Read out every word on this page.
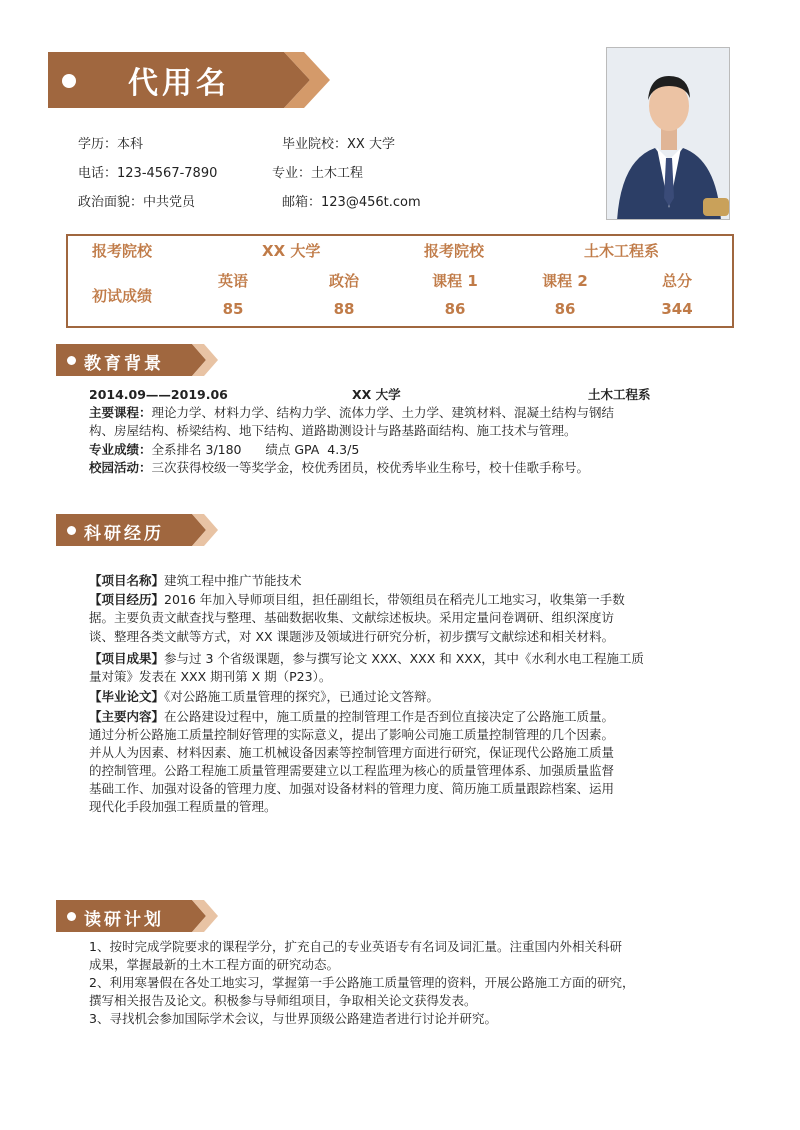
代用名
学历：本科	毕业院校：XX 大学
电话：123-4567-7890	专业：土木工程
政治面貌：中共党员	邮箱：123@456t.com
报考院校	XX 大学	报考院校	土木工程系
初试成绩
英语	政治	课程 1	课程 2	总分
85	88	86	86	344
教育背景
2014.09——2019.06	XX 大学	土木工程系
主要课程：理论力学、材料力学、结构力学、流体力学、土力学、建筑材料、混凝土结构与钢结
构、房屋结构、桥梁结构、地下结构、道路勘测设计与路基路面结构、施工技术与管理。
专业成绩：全系排名 3/180      绩点 GPA  4.3/5
校园活动：三次获得校级一等奖学金，校优秀团员，校优秀毕业生称号，校十佳歌手称号。
科研经历
【项目名称】建筑工程中推广节能技术
【项目经历】2016 年加入导师项目组，担任副组长，带领组员在稻壳儿工地实习，收集第一手数
据。主要负责文献查找与整理、基础数据收集、文献综述板块。采用定量问卷调研、组织深度访
谈、整理各类文献等方式，对 XX 课题涉及领域进行研究分析，初步撰写文献综述和相关材料。
【项目成果】参与过 3 个省级课题，参与撰写论文 XXX、XXX 和 XXX，其中《水利水电工程施工质
量对策》发表在 XXX 期刊第 X 期（P23）。
【毕业论文】《对公路施工质量管理的探究》，已通过论文答辩。
【主要内容】在公路建设过程中，施工质量的控制管理工作是否到位直接决定了公路施工质量。
通过分析公路施工质量控制好管理的实际意义，提出了影响公司施工质量控制管理的几个因素。
并从人为因素、材料因素、施工机械设备因素等控制管理方面进行研究，保证现代公路施工质量
的控制管理。公路工程施工质量管理需要建立以工程监理为核心的质量管理体系、加强质量监督
基础工作、加强对设备的管理力度、加强对设备材料的管理力度、简历施工质量跟踪档案、运用
现代化手段加强工程质量的管理。
读研计划
1、按时完成学院要求的课程学分，扩充自己的专业英语专有名词及词汇量。注重国内外相关科研
成果，掌握最新的土木工程方面的研究动态。
2、利用寒暑假在各处工地实习，掌握第一手公路施工质量管理的资料，开展公路施工方面的研究，
撰写相关报告及论文。积极参与导师组项目，争取相关论文获得发表。
3、寻找机会参加国际学术会议，与世界顶级公路建造者进行讨论并研究。
